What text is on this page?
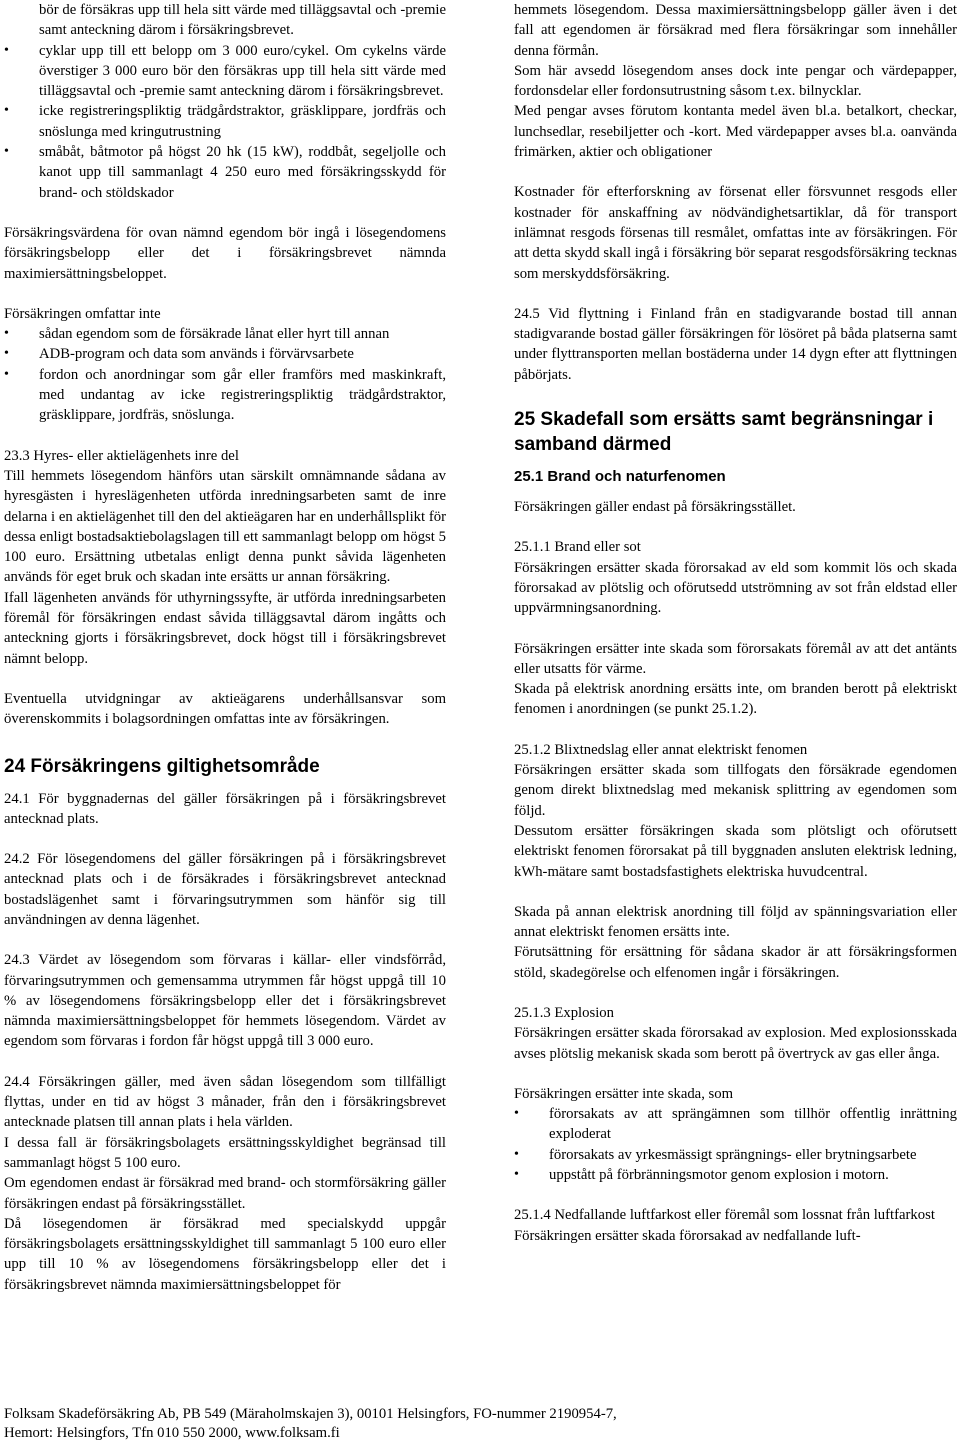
bör de försäkras upp till hela sitt värde med tilläggsavtal och -premie samt anteckning därom i försäkringsbrevet.
• cyklar upp till ett belopp om 3 000 euro/cykel. Om cykelns värde överstiger 3 000 euro bör den försäkras upp till hela sitt värde med tilläggsavtal och -premie samt anteckning därom i försäkringsbrevet.
• icke registreringspliktig trädgårdstraktor, gräsklippare, jordfräs och snöslunga med kringutrustning
• småbåt, båtmotor på högst 20 hk (15 kW), roddbåt, segeljolle och kanot upp till sammanlagt 4 250 euro med försäkringsskydd för brand- och stöldskador

Försäkringsvärdena för ovan nämnd egendom bör ingå i lösegendomens försäkringsbelopp eller det i försäkringsbrevet nämnda maximiersättningsbeloppet.

Försäkringen omfattar inte

• sådan egendom som de försäkrade lånat eller hyrt till annan
• ADB-program och data som används i förvärvsarbete
• fordon och anordningar som går eller framförs med maskinkraft, med undantag av icke registreringspliktig trädgårdstraktor, gräsklippare, jordfräs, snöslunga.

23.3 Hyres- eller aktielägenhets inre del

Till hemmets lösegendom hänförs utan särskilt omnämnande sådana av hyresgästen i hyreslägenheten utförda inredningsarbeten samt de inre delarna i en aktielägenhet till den del aktieägaren har en underhållsplikt för dessa enligt bostadsaktiebolagslagen till ett sammanlagt belopp om högst 5 100 euro. Ersättning utbetalas enligt denna punkt såvida lägenheten används för eget bruk och skadan inte ersätts ur annan försäkring.

Ifall lägenheten används för uthyrningssyfte, är utförda inredningsarbeten föremål för försäkringen endast såvida tilläggsavtal därom ingåtts och anteckning gjorts i försäkringsbrevet, dock högst till i försäkringsbrevet nämnt belopp.

Eventuella utvidgningar av aktieägarens underhållsansvar som överenskommits i bolagsordningen omfattas inte av försäkringen.

24 Försäkringens giltighetsområde

24.1 För byggnadernas del gäller försäkringen på i försäkringsbrevet antecknad plats.

24.2 För lösegendomens del gäller försäkringen på i försäkringsbrevet antecknad plats och i de försäkrades i försäkringsbrevet antecknad bostadslägenhet samt i förvaringsutrymmen som hänför sig till användningen av denna lägenhet.

24.3 Värdet av lösegendom som förvaras i källar- eller vindsförråd, förvaringsutrymmen och gemensamma utrymmen får högst uppgå till 10 % av lösegendomens försäkringsbelopp eller det i försäkringsbrevet nämnda maximiersättningsbeloppet för hemmets lösegendom. Värdet av egendom som förvaras i fordon får högst uppgå till 3 000 euro.

24.4 Försäkringen gäller, med även sådan lösegendom som tillfälligt flyttas, under en tid av högst 3 månader, från den i försäkringsbrevet antecknade platsen till annan plats i hela världen.

I dessa fall är försäkringsbolagets ersättningsskyldighet begränsad till sammanlagt högst 5 100 euro.

Om egendomen endast är försäkrad med brand- och stormförsäkring gäller försäkringen endast på försäkringsstället.

Då lösegendomen är försäkrad med specialskydd uppgår försäkringsbolagets ersättningsskyldighet till sammanlagt 5 100 euro eller upp till 10 % av lösegendomens försäkringsbelopp eller det i försäkringsbrevet nämnda maximiersättningsbeloppet för

hemmets lösegendom. Dessa maximiersättningsbelopp gäller även i det fall att egendomen är försäkrad med flera försäkringar som innehåller denna förmån.

Som här avsedd lösegendom anses dock inte pengar och värdepapper, fordonsdelar eller fordonsutrustning såsom t.ex. bilnycklar.

Med pengar avses förutom kontanta medel även bl.a. betalkort, checkar, lunchsedlar, resebiljetter och -kort. Med värdepapper avses bl.a. oanvända frimärken, aktier och obligationer

Kostnader för efterforskning av försenat eller försvunnet resgods eller kostnader för anskaffning av nödvändighetsartiklar, då för transport inlämnat resgods försenas till resmålet, omfattas inte av försäkringen. För att detta skydd skall ingå i försäkring bör separat resgodsförsäkring tecknas som merskyddsförsäkring.

24.5 Vid flyttning i Finland från en stadigvarande bostad till annan stadigvarande bostad gäller försäkringen för lösöret på båda platserna samt under flyttransporten mellan bostäderna under 14 dygn efter att flyttningen påbörjats.

25 Skadefall som ersätts samt begränsningar i samband därmed

25.1 Brand och naturfenomen

Försäkringen gäller endast på försäkringsstället.

25.1.1 Brand eller sot

Försäkringen ersätter skada förorsakad av eld som kommit lös och skada förorsakad av plötslig och oförutsedd utströmning av sot från eldstad eller uppvärmningsanordning.

Försäkringen ersätter inte skada som förorsakats föremål av att det antänts eller utsatts för värme.

Skada på elektrisk anordning ersätts inte, om branden berott på elektriskt fenomen i anordningen (se punkt 25.1.2).

25.1.2 Blixtnedslag eller annat elektriskt fenomen

Försäkringen ersätter skada som tillfogats den försäkrade egendomen genom direkt blixtnedslag med mekanisk splittring av egendomen som följd.

Dessutom ersätter försäkringen skada som plötsligt och oförutsett elektriskt fenomen förorsakat på till byggnaden ansluten elektrisk ledning, kWh-mätare samt bostadsfastighets elektriska huvudcentral.

Skada på annan elektrisk anordning till följd av spänningsvariation eller annat elektriskt fenomen ersätts inte.

Förutsättning för ersättning för sådana skador är att försäkringsformen stöld, skadegörelse och elfenomen ingår i försäkringen.

25.1.3 Explosion

Försäkringen ersätter skada förorsakad av explosion. Med explosionsskada avses plötslig mekanisk skada som berott på övertryck av gas eller ånga.

Försäkringen ersätter inte skada, som

• förorsakats av att sprängämnen som tillhör offentlig inrättning exploderat
• förorsakats av yrkesmässigt sprängnings- eller brytningsarbete
• uppstått på förbränningsmotor genom explosion i motorn.

25.1.4 Nedfallande luftfarkost eller föremål som lossnat från luftfarkost

Försäkringen ersätter skada förorsakad av nedfallande luft-

Folksam Skadeförsäkring Ab, PB 549 (Märaholmskajen 3), 00101 Helsingfors, FO-nummer 2190954-7,

Hemort: Helsingfors, Tfn 010 550 2000, www.folksam.fi
